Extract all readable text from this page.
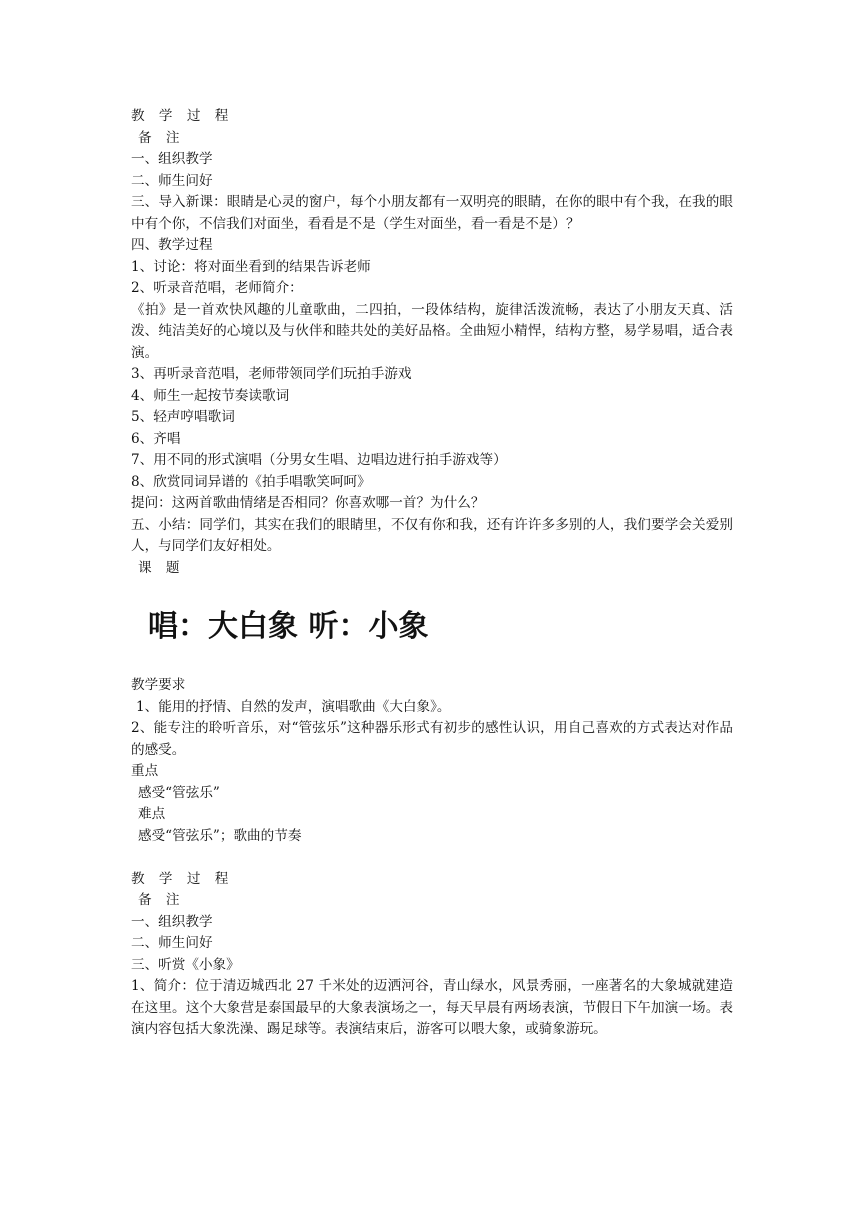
教 学 过 程

备 注

一、组织教学

二、师生问好

三、导入新课：眼睛是心灵的窗户，每个小朋友都有一双明亮的眼睛，在你的眼中有个我，在我的眼中有个你，不信我们对面坐，看看是不是（学生对面坐，看一看是不是）？

四、教学过程

1、讨论：将对面坐看到的结果告诉老师

2、听录音范唱，老师简介：

《拍》是一首欢快风趣的儿童歌曲，二四拍，一段体结构，旋律活泼流畅，表达了小朋友天真、活泼、纯洁美好的心境以及与伙伴和睦共处的美好品格。全曲短小精悍，结构方整，易学易唱，适合表演。

3、再听录音范唱，老师带领同学们玩拍手游戏

4、师生一起按节奏读歌词

5、轻声哼唱歌词

6、齐唱

7、用不同的形式演唱（分男女生唱、边唱边进行拍手游戏等）

8、欣赏同词异谱的《拍手唱歌笑呵呵》

提问：这两首歌曲情绪是否相同？你喜欢哪一首？为什么？

五、小结：同学们，其实在我们的眼睛里，不仅有你和我，还有许许多多别的人，我们要学会关爱别人，与同学们友好相处。

课 题

唱：大白象 听：小象

教学要求

1、能用的抒情、自然的发声，演唱歌曲《大白象》。

2、能专注的聆听音乐，对“管弦乐”这种器乐形式有初步的感性认识，用自己喜欢的方式表达对作品的感受。

重点

感受“管弦乐”

难点

感受“管弦乐”；歌曲的节奏

教 学 过 程

备 注

一、组织教学

二、师生问好

三、听赏《小象》

1、简介：位于清迈城西北 27 千米处的迈洒河谷，青山绿水，风景秀丽，一座著名的大象城就建造在这里。这个大象营是泰国最早的大象表演场之一，每天早晨有两场表演，节假日下午加演一场。表演内容包括大象洗澡、踢足球等。表演结束后，游客可以喂大象，或骑象游玩。
